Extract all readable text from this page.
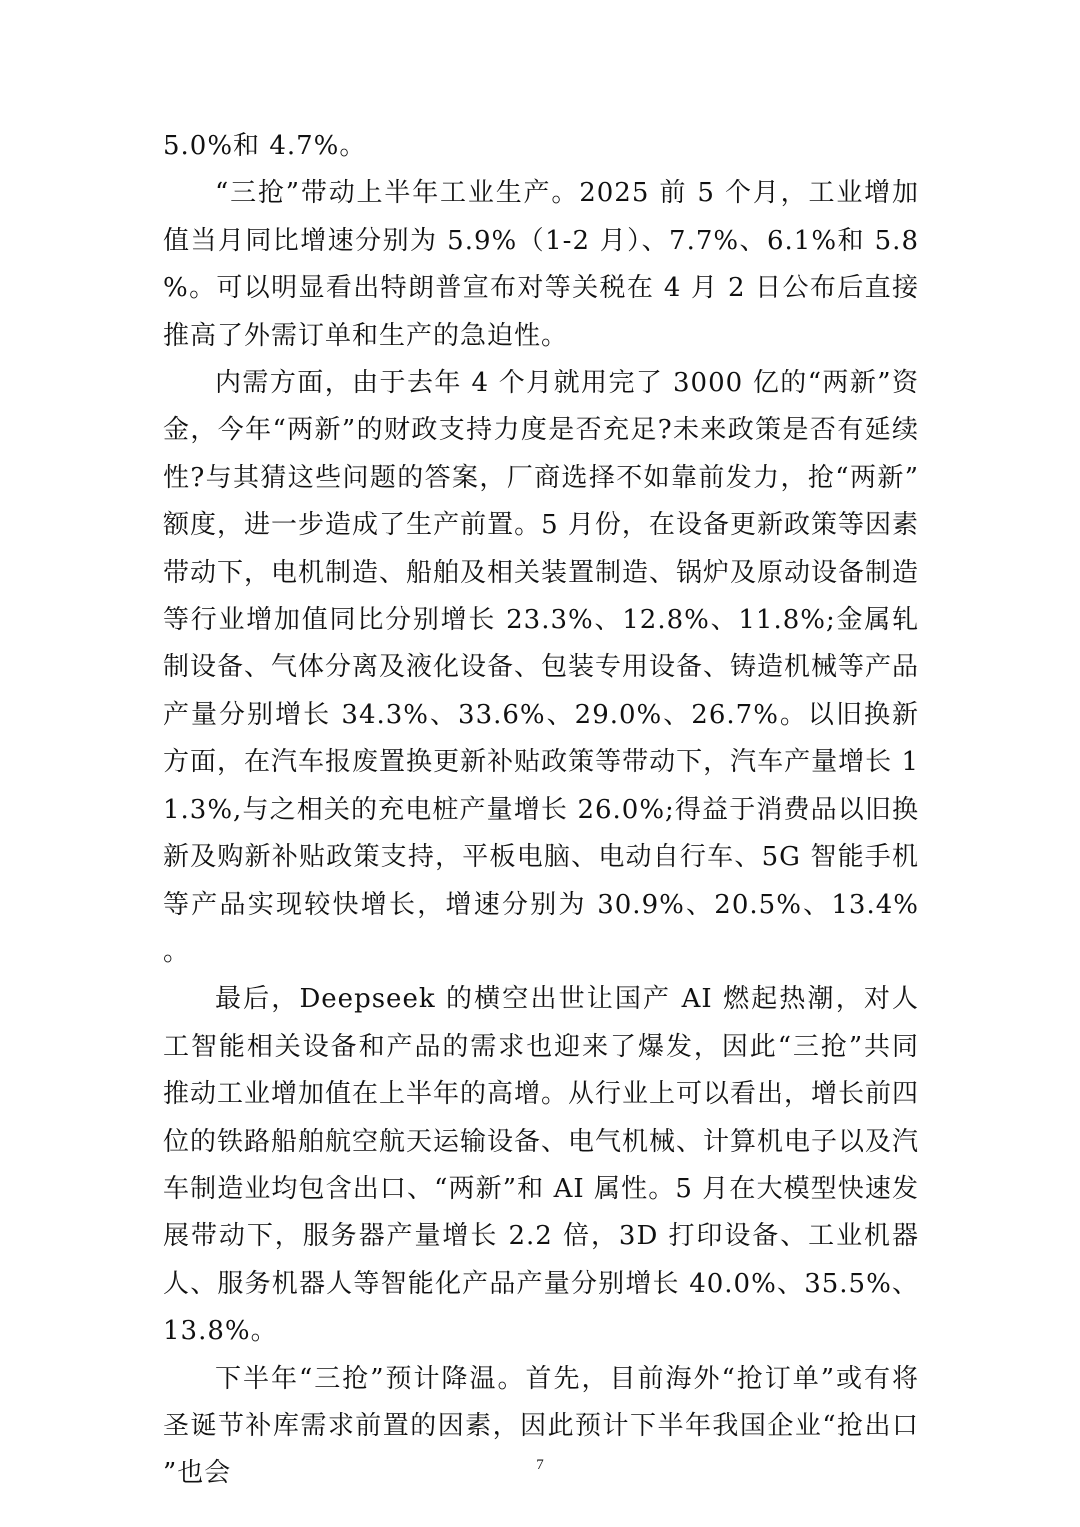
5.0%和 4.7%。

“三抢”带动上半年工业生产。2025 前 5 个月，工业增加值当月同比增速分别为 5.9%（1-2 月）、7.7%、6.1%和 5.8%。可以明显看出特朗普宣布对等关税在 4 月 2 日公布后直接推高了外需订单和生产的急迫性。

内需方面，由于去年 4 个月就用完了 3000 亿的“两新”资金，今年“两新”的财政支持力度是否充足?未来政策是否有延续性?与其猜这些问题的答案，厂商选择不如靠前发力，抢“两新”额度，进一步造成了生产前置。5 月份，在设备更新政策等因素带动下，电机制造、船舶及相关装置制造、锅炉及原动设备制造等行业增加值同比分别增长 23.3%、12.8%、11.8%;金属轧制设备、气体分离及液化设备、包装专用设备、铸造机械等产品产量分别增长 34.3%、33.6%、29.0%、26.7%。以旧换新方面，在汽车报废置换更新补贴政策等带动下，汽车产量增长 11.3%,与之相关的充电桩产量增长 26.0%;得益于消费品以旧换新及购新补贴政策支持，平板电脑、电动自行车、5G 智能手机等产品实现较快增长，增速分别为 30.9%、20.5%、13.4%。

最后，Deepseek 的横空出世让国产 AI 燃起热潮，对人工智能相关设备和产品的需求也迎来了爆发，因此“三抢”共同推动工业增加值在上半年的高增。从行业上可以看出，增长前四位的铁路船舶航空航天运输设备、电气机械、计算机电子以及汽车制造业均包含出口、“两新”和 AI 属性。5 月在大模型快速发展带动下，服务器产量增长 2.2 倍，3D 打印设备、工业机器人、服务机器人等智能化产品产量分别增长 40.0%、35.5%、13.8%。

下半年“三抢”预计降温。首先，目前海外“抢订单”或有将圣诞节补库需求前置的因素，因此预计下半年我国企业“抢出口”也会	7
